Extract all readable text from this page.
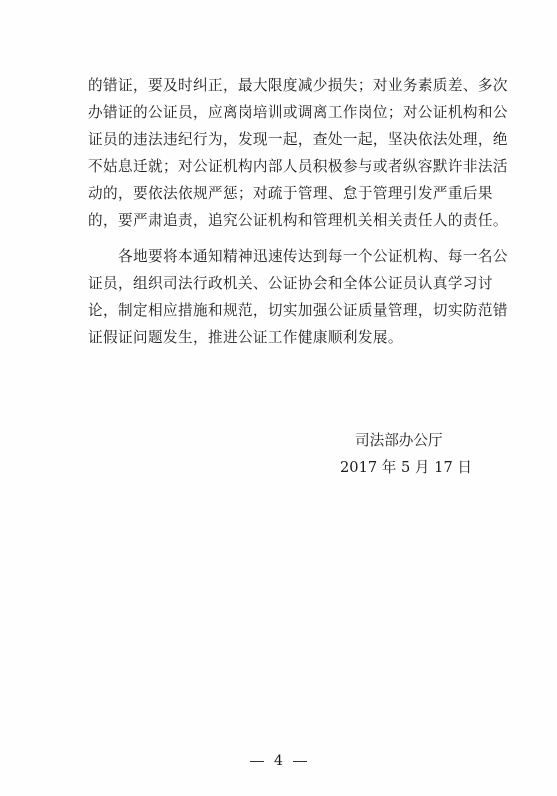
的错证，要及时纠正，最大限度减少损失；对业务素质差、多次
办错证的公证员，应离岗培训或调离工作岗位；对公证机构和公
证员的违法违纪行为，发现一起，查处一起，坚决依法处理，绝
不姑息迁就；对公证机构内部人员积极参与或者纵容默许非法活
动的，要依法依规严惩；对疏于管理、怠于管理引发严重后果
的，要严肃追责，追究公证机构和管理机关相关责任人的责任。
各地要将本通知精神迅速传达到每一个公证机构、每一名公
证员，组织司法行政机关、公证协会和全体公证员认真学习讨
论，制定相应措施和规范，切实加强公证质量管理，切实防范错
证假证问题发生，推进公证工作健康顺利发展。
司法部办公厅
2017 年 5 月 17 日
4
